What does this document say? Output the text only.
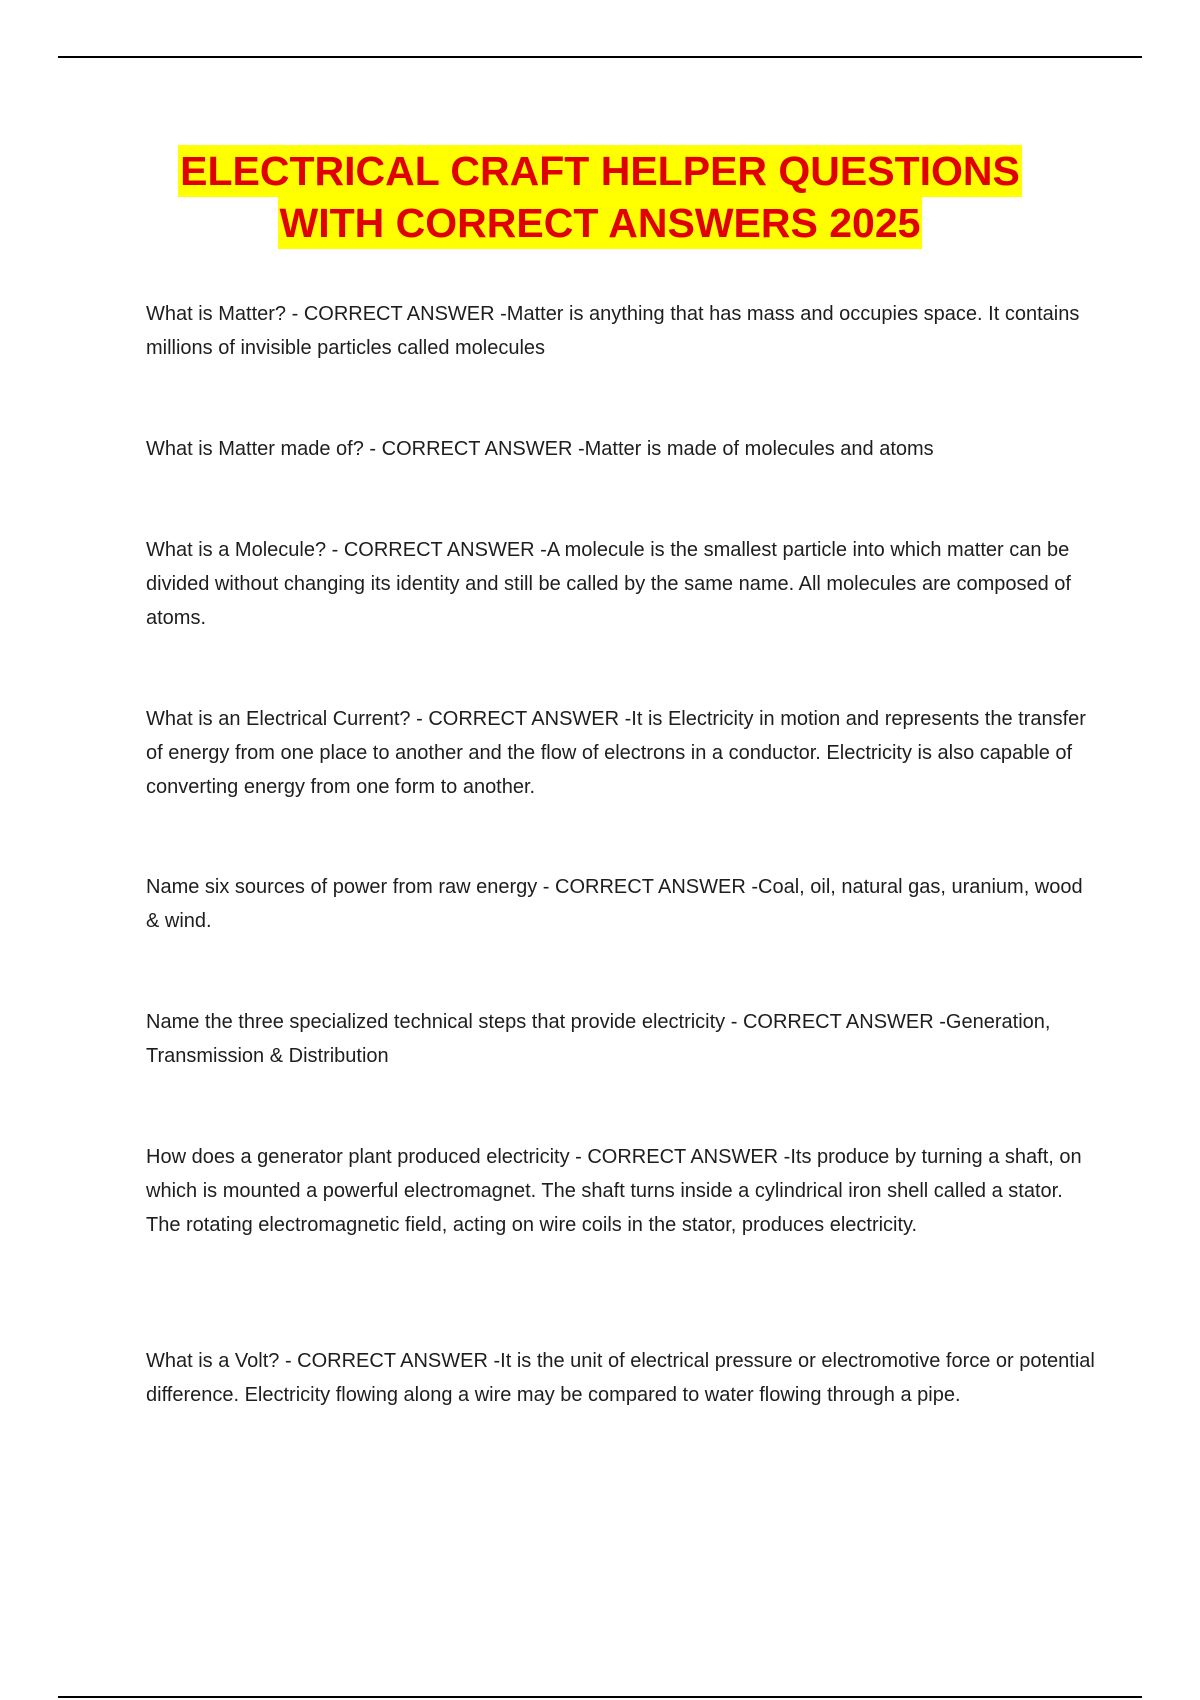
ELECTRICAL CRAFT HELPER QUESTIONS
WITH CORRECT ANSWERS 2025

What is Matter? - CORRECT ANSWER -Matter is anything that has mass and occupies space. It contains millions of invisible particles called molecules

What is Matter made of? - CORRECT ANSWER -Matter is made of molecules and atoms

What is a Molecule? - CORRECT ANSWER -A molecule is the smallest particle into which matter can be divided without changing its identity and still be called by the same name. All molecules are composed of atoms.

What is an Electrical Current? - CORRECT ANSWER -It is Electricity in motion and represents the transfer of energy from one place to another and the flow of electrons in a conductor. Electricity is also capable of converting energy from one form to another.

Name six sources of power from raw energy - CORRECT ANSWER -Coal, oil, natural gas, uranium, wood & wind.

Name the three specialized technical steps that provide electricity - CORRECT ANSWER -Generation, Transmission & Distribution

How does a generator plant produced electricity - CORRECT ANSWER -Its produce by turning a shaft, on which is mounted a powerful electromagnet. The shaft turns inside a cylindrical iron shell called a stator. The rotating electromagnetic field, acting on wire coils in the stator, produces electricity.

What is a Volt? - CORRECT ANSWER -It is the unit of electrical pressure or electromotive force or potential difference. Electricity flowing along a wire may be compared to water flowing through a pipe.
